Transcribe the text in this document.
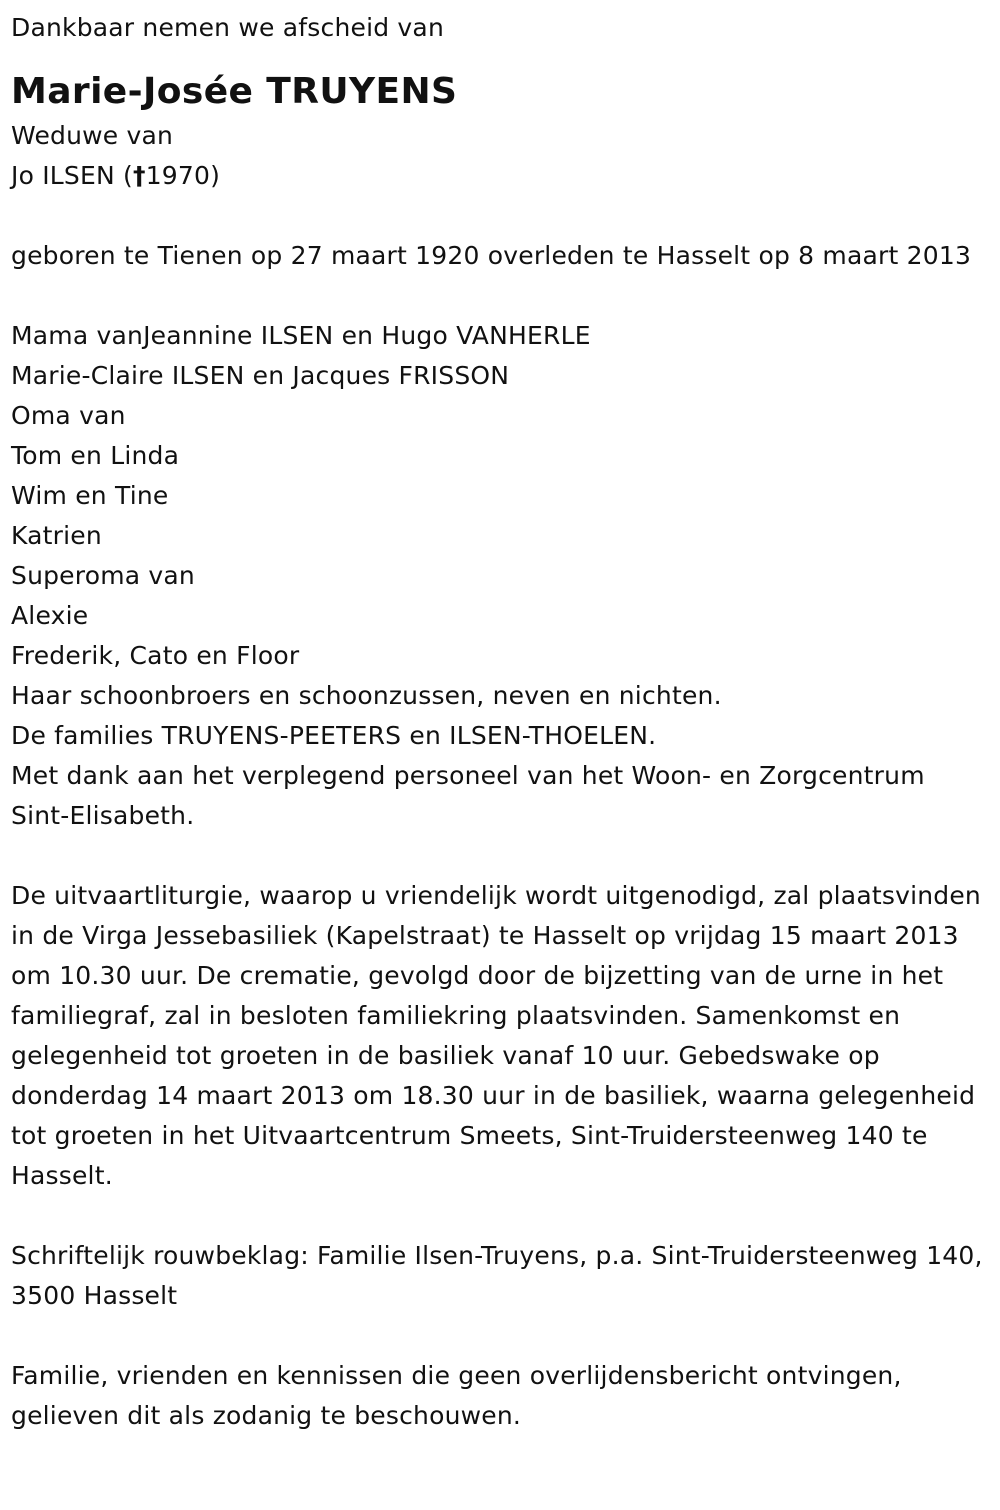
Dankbaar nemen we afscheid van
Marie-Josée TRUYENS
Weduwe van
Jo ILSEN (†1970)
geboren te Tienen op 27 maart 1920 overleden te Hasselt op 8 maart 2013
Mama vanJeannine ILSEN en Hugo VANHERLE
Marie-Claire ILSEN en Jacques FRISSON
Oma van
Tom en Linda
Wim en Tine
Katrien
Superoma van
Alexie
Frederik, Cato en Floor
Haar schoonbroers en schoonzussen, neven en nichten.
De families TRUYENS-PEETERS en ILSEN-THOELEN.
Met dank aan het verplegend personeel van het Woon- en Zorgcentrum Sint-Elisabeth.
De uitvaartliturgie, waarop u vriendelijk wordt uitgenodigd, zal plaatsvinden in de Virga Jessebasiliek (Kapelstraat) te Hasselt op vrijdag 15 maart 2013 om 10.30 uur. De crematie, gevolgd door de bijzetting van de urne in het familiegraf, zal in besloten familiekring plaatsvinden. Samenkomst en gelegenheid tot groeten in de basiliek vanaf 10 uur. Gebedswake op donderdag 14 maart 2013 om 18.30 uur in de basiliek, waarna gelegenheid tot groeten in het Uitvaartcentrum Smeets, Sint-Truidersteenweg 140 te Hasselt.
Schriftelijk rouwbeklag: Familie Ilsen-Truyens, p.a. Sint-Truidersteenweg 140, 3500 Hasselt
Familie, vrienden en kennissen die geen overlijdensbericht ontvingen, gelieven dit als zodanig te beschouwen.
